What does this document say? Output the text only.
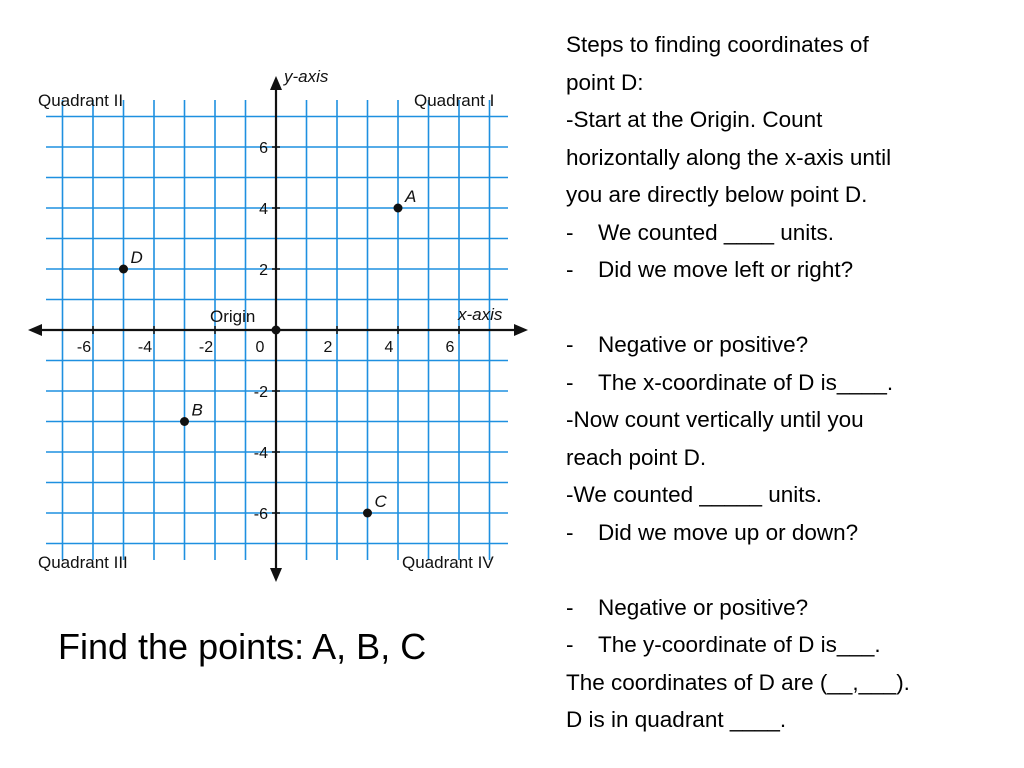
-6	-4	-2	0	2	4	6
6
4
2
-2
-4
-6
A
B
C
D
Quadrant II	Quadrant I
Quadrant III	Quadrant IV
y-axis
x-axis
Origin
Find the points: A, B, C
Steps to finding coordinates of
point D:
-Start at the Origin. Count
horizontally along the x-axis until
you are directly below point D.
- We counted ____ units.
- Did we move left or right?
- Negative or positive?
- The x-coordinate of D is____.
-Now count vertically until you
reach point D.
-We counted _____ units.
- Did we move up or down?
- Negative or positive?
- The y-coordinate of D is___.
The coordinates of D are (__,___).
D is in quadrant ____.
